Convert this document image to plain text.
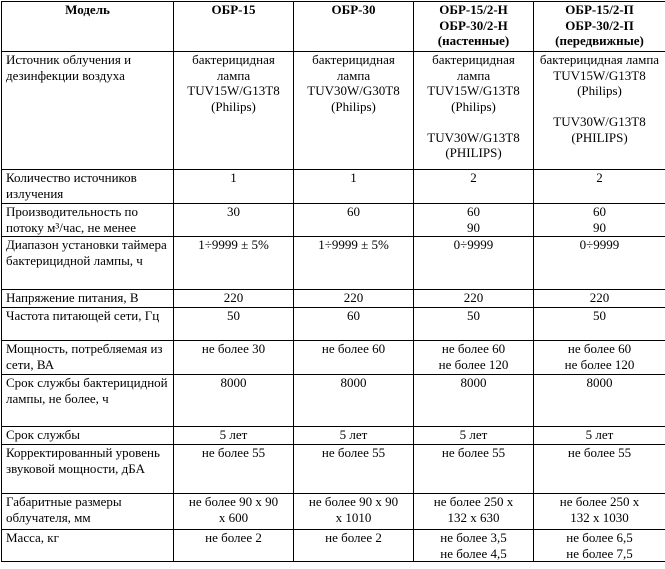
Модель	ОБР-15	ОБР-30	ОБР-15/2-Н
ОБР-30/2-Н
(настенные)	ОБР-15/2-П
ОБР-30/2-П
(передвижные)
Источник облучения и дезинфекции воздуха	бактерицидная лампа
TUV15W/G13T8
(Philips)	бактерицидная лампа
TUV30W/G30T8
(Philips)	бактерицидная лампа
TUV15W/G13T8
(Philips)

TUV30W/G13T8
(PHILIPS)	бактерицидная лампа
TUV15W/G13T8
(Philips)

TUV30W/G13T8
(PHILIPS)
Количество источников излучения	1	1	2	2
Производительность по потоку м³/час, не менее	30	60	60
90	60
90
Диапазон установки таймера бактерицидной лампы, ч	1÷9999 ± 5%	1÷9999 ± 5%	0÷9999	0÷9999
Напряжение питания, В	220	220	220	220
Частота питающей сети, Гц	50	60	50	50
Мощность, потребляемая из сети, ВА	не более 30	не более 60	не более 60
не более 120	не более 60
не более 120
Срок службы бактерицидной лампы, не более, ч	8000	8000	8000	8000
Срок службы	5 лет	5 лет	5 лет	5 лет
Корректированный уровень звуковой мощности, дБА	не более 55	не более 55	не более 55	не более 55
Габаритные размеры облучателя, мм	не более 90 х 90
х 600	не более 90 х 90
х 1010	не более 250 х
132 х 630	не более 250 х
132 х 1030
Масса, кг	не более 2	не более 2	не более 3,5
не более 4,5	не более 6,5
не более 7,5
